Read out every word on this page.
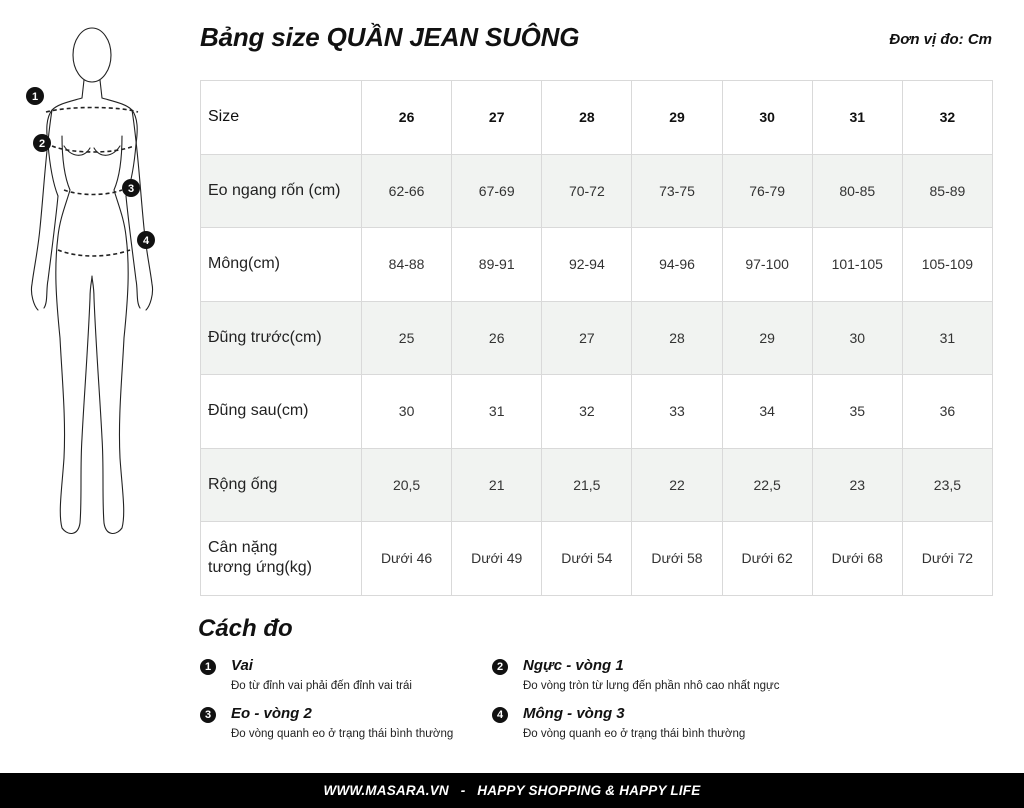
1
2
3
4
Bảng size QUẦN JEAN SUÔNG	Đơn vị đo: Cm
Size	26	27	28	29	30	31	32
Eo ngang rốn (cm)	62-66	67-69	70-72	73-75	76-79	80-85	85-89
Mông(cm)	84-88	89-91	92-94	94-96	97-100	101-105	105-109
Đũng trước(cm)	25	26	27	28	29	30	31
Đũng sau(cm)	30	31	32	33	34	35	36
Rộng ống	20,5	21	21,5	22	22,5	23	23,5
Cân nặng
tương ứng(kg)	Dưới 46	Dưới 49	Dưới 54	Dưới 58	Dưới 62	Dưới 68	Dưới 72
Cách đo
1	Vai
Đo từ đỉnh vai phải đến đỉnh vai trái
2	Ngực - vòng 1
Đo vòng tròn từ lưng đến phần nhô cao nhất ngực
3	Eo - vòng 2
Đo vòng quanh eo ở trạng thái bình thường
4	Mông - vòng 3
Đo vòng quanh eo ở trạng thái bình thường
WWW.MASARA.VN   -   HAPPY SHOPPING & HAPPY LIFE
